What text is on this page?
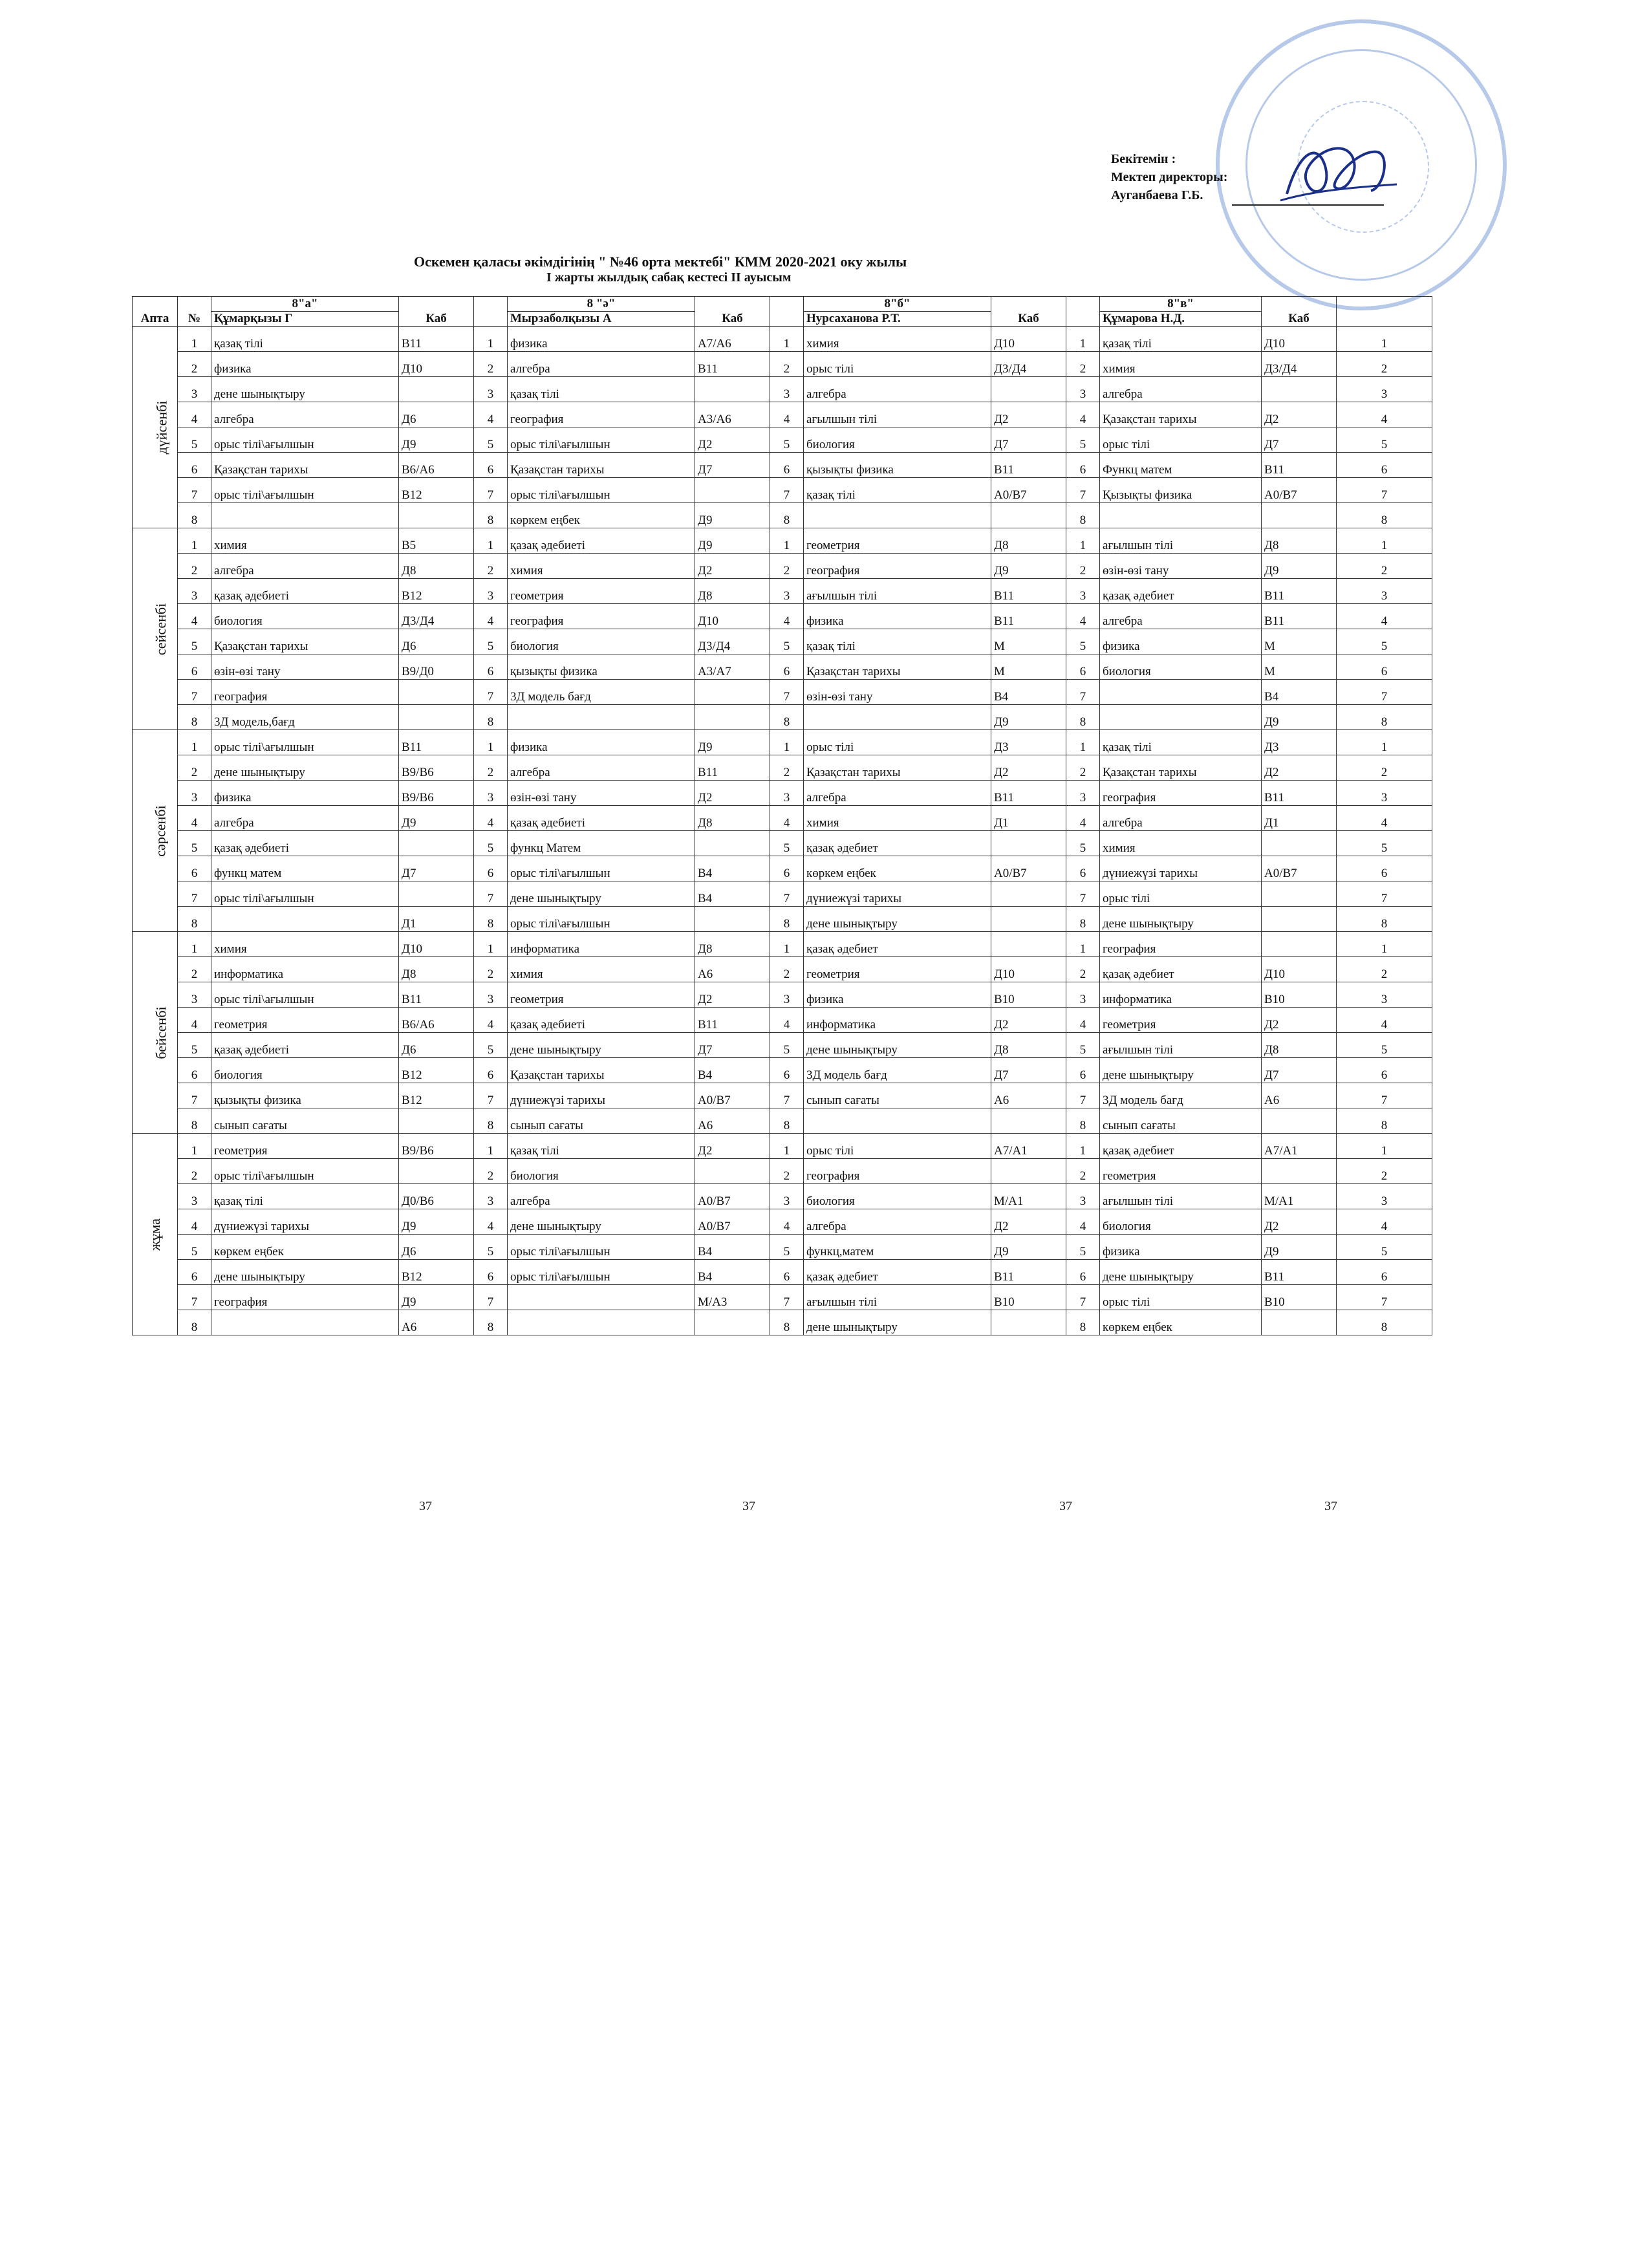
Бекітемін :
Мектеп директоры:
Ауганбаева Г.Б.
Оскемен қаласы әкімдігінің " №46 орта мектебі" КММ 2020-2021 оку жылы
І жарты жылдық сабақ кестесі ІІ ауысым
Апта	№	8"а"	Каб		8 "ә"	Каб		8"б"	Каб		8"в"	Каб	
		Құмарқызы Г			Мырзаболқызы А			Нурсаханова Р.Т.			Құмарова Н.Д.		
дүйсенбі	1	қазақ тілі	В11	1	физика	А7/А6	1	химия	Д10	1	қазақ тілі	Д10	1
	2	физика	Д10	2	алгебра	В11	2	орыс тілі	Д3/Д4	2	химия	Д3/Д4	2
	3	дене шынықтыру		3	қазақ тілі		3	алгебра		3	алгебра		3
	4	алгебра	Д6	4	география	А3/А6	4	ағылшын тілі	Д2	4	Қазақстан тарихы	Д2	4
	5	орыс тілі\ағылшын	Д9	5	орыс тілі\ағылшын	Д2	5	биология	Д7	5	орыс тілі	Д7	5
	6	Қазақстан тарихы	В6/А6	6	Қазақстан тарихы	Д7	6	қызықты физика	В11	6	Функц матем	В11	6
	7	орыс тілі\ағылшын	В12	7	орыс тілі\ағылшын		7	қазақ тілі	А0/В7	7	Қызықты физика	А0/В7	7
	8			8	көркем еңбек	Д9	8			8			8
сейсенбі	1	химия	В5	1	қазақ әдебиеті	Д9	1	геометрия	Д8	1	ағылшын тілі	Д8	1
	2	алгебра	Д8	2	химия	Д2	2	география	Д9	2	өзін-өзі тану	Д9	2
	3	қазақ әдебиеті	В12	3	геометрия	Д8	3	ағылшын тілі	В11	3	қазақ әдебиет	В11	3
	4	биология	Д3/Д4	4	география	Д10	4	физика	В11	4	алгебра	В11	4
	5	Қазақстан тарихы	Д6	5	биология	Д3/Д4	5	қазақ тілі	М	5	физика	М	5
	6	өзін-өзі тану	В9/Д0	6	қызықты физика	А3/А7	6	Қазақстан тарихы	М	6	биология	М	6
	7	география		7	3Д модель бағд		7	өзін-өзі тану	В4	7		В4	7
	8	3Д модель,бағд		8			8		Д9	8		Д9	8
сәрсенбі	1	орыс тілі\ағылшын	В11	1	физика	Д9	1	орыс тілі	Д3	1	қазақ тілі	Д3	1
	2	дене шынықтыру	В9/В6	2	алгебра	В11	2	Қазақстан тарихы	Д2	2	Қазақстан тарихы	Д2	2
	3	физика	В9/В6	3	өзін-өзі тану	Д2	3	алгебра	В11	3	география	В11	3
	4	алгебра	Д9	4	қазақ әдебиеті	Д8	4	химия	Д1	4	алгебра	Д1	4
	5	қазақ әдебиеті		5	функц Матем		5	қазақ әдебиет		5	химия		5
	6	функц матем	Д7	6	орыс тілі\ағылшын	В4	6	көркем еңбек	А0/В7	6	дүниежүзі тарихы	А0/В7	6
	7	орыс тілі\ағылшын		7	дене шынықтыру	В4	7	дүниежүзі тарихы		7	орыс тілі		7
	8		Д1	8	орыс тілі\ағылшын		8	дене шынықтыру		8	дене шынықтыру		8
бейсенбі	1	химия	Д10	1	информатика	Д8	1	қазақ әдебиет		1	география		1
	2	информатика	Д8	2	химия	А6	2	геометрия	Д10	2	қазақ әдебиет	Д10	2
	3	орыс тілі\ағылшын	В11	3	геометрия	Д2	3	физика	В10	3	информатика	В10	3
	4	геометрия	В6/А6	4	қазақ әдебиеті	В11	4	информатика	Д2	4	геометрия	Д2	4
	5	қазақ әдебиеті	Д6	5	дене шынықтыру	Д7	5	дене шынықтыру	Д8	5	ағылшын тілі	Д8	5
	6	биология	В12	6	Қазақстан тарихы	В4	6	3Д модель бағд	Д7	6	дене шынықтыру	Д7	6
	7	қызықты физика	В12	7	дүниежүзі тарихы	А0/В7	7	сынып сағаты	А6	7	3Д модель бағд	А6	7
	8	сынып сағаты		8	сынып сағаты	А6	8			8	сынып сағаты		8
жұма	1	геометрия	В9/В6	1	қазақ тілі	Д2	1	орыс тілі	А7/А1	1	қазақ әдебиет	А7/А1	1
	2	орыс тілі\ағылшын		2	биология		2	география		2	геометрия		2
	3	қазақ тілі	Д0/В6	3	алгебра	А0/В7	3	биология	М/А1	3	ағылшын тілі	М/А1	3
	4	дүниежүзі тарихы	Д9	4	дене шынықтыру	А0/В7	4	алгебра	Д2	4	биология	Д2	4
	5	көркем еңбек	Д6	5	орыс тілі\ағылшын	В4	5	функц,матем	Д9	5	физика	Д9	5
	6	дене шынықтыру	В12	6	орыс тілі\ағылшын	В4	6	қазақ әдебиет	В11	6	дене шынықтыру	В11	6
	7	география	Д9	7		М/А3	7	ағылшын тілі	В10	7	орыс тілі	В10	7
	8		А6	8			8	дене шынықтыру		8	көркем еңбек		8
37	37	37	37
